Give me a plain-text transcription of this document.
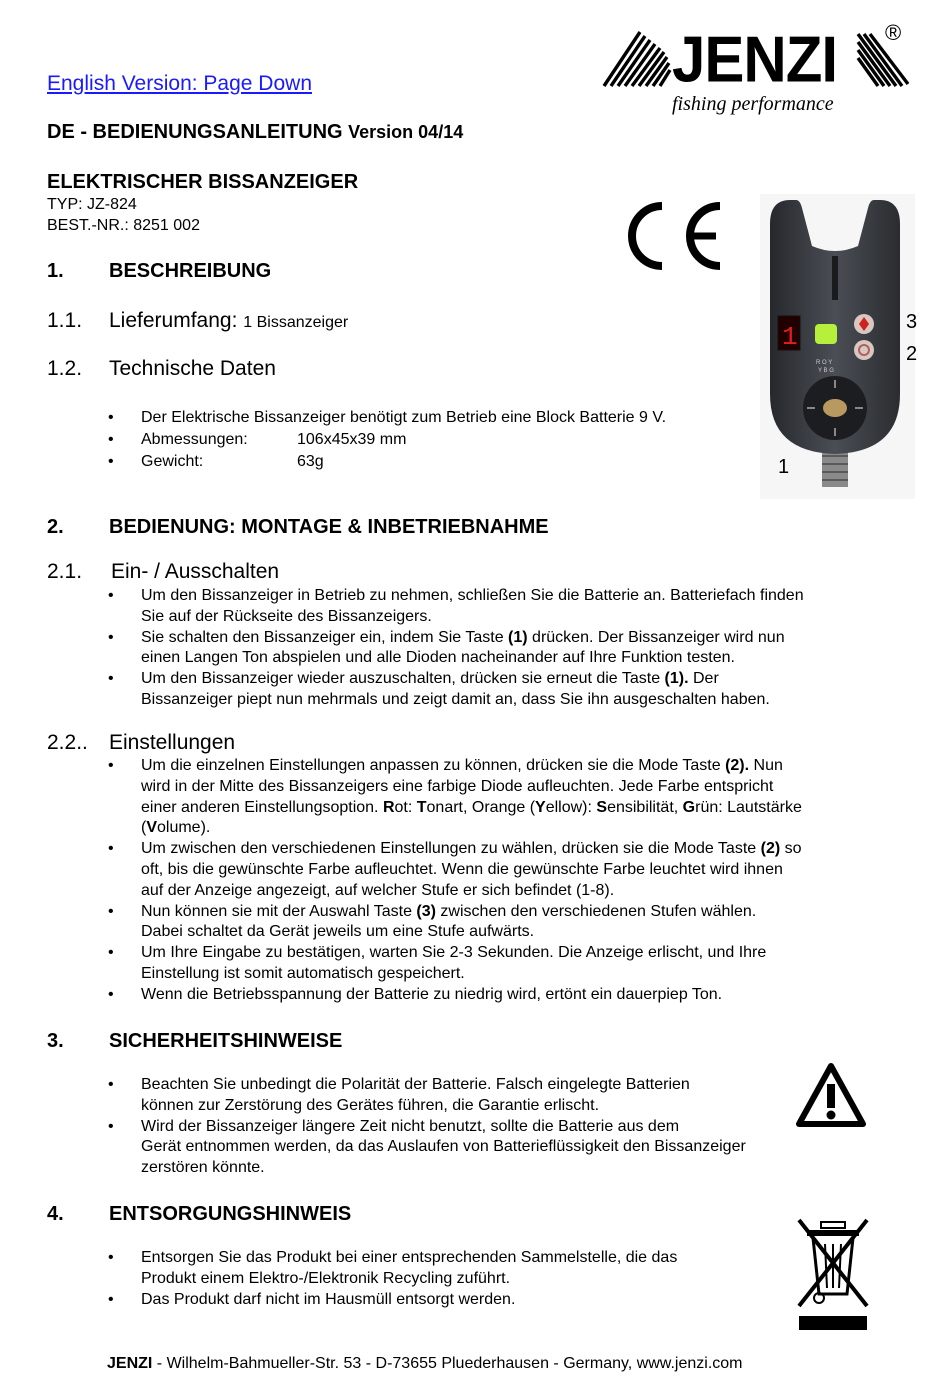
English Version: Page Down
DE - BEDIENUNGSANLEITUNG Version 04/14
ELEKTRISCHER BISSANZEIGER
TYP: JZ-824
BEST.-NR.: 8251 002
JENZI ®
fishing performance
1
R O Y
Y B G
3
2
1
1. BESCHREIBUNG
1.1. Lieferumfang: 1 Bissanzeiger
1.2. Technische Daten
• Der Elektrische Bissanzeiger benötigt zum Betrieb eine Block Batterie 9 V.
• Abmessungen:	106x45x39 mm
• Gewicht:	63g
2. BEDIENUNG: MONTAGE & INBETRIEBNAHME
2.1. Ein- / Ausschalten
• Um den Bissanzeiger in Betrieb zu nehmen, schließen Sie die Batterie an. Batteriefach finden
Sie auf der Rückseite des Bissanzeigers.
• Sie schalten den Bissanzeiger ein, indem Sie Taste (1) drücken. Der Bissanzeiger wird nun
einen Langen Ton abspielen und alle Dioden nacheinander auf Ihre Funktion testen.
• Um den Bissanzeiger wieder auszuschalten, drücken sie erneut die Taste (1). Der
Bissanzeiger piept nun mehrmals und zeigt damit an, dass Sie ihn ausgeschalten haben.
2.2.. Einstellungen
• Um die einzelnen Einstellungen anpassen zu können, drücken sie die Mode Taste (2). Nun
wird in der Mitte des Bissanzeigers eine farbige Diode aufleuchten. Jede Farbe entspricht
einer anderen Einstellungsoption. Rot: Tonart, Orange (Yellow): Sensibilität, Grün: Lautstärke
(Volume).
• Um zwischen den verschiedenen Einstellungen zu wählen, drücken sie die Mode Taste (2) so
oft, bis die gewünschte Farbe aufleuchtet. Wenn die gewünschte Farbe leuchtet wird ihnen
auf der Anzeige angezeigt, auf welcher Stufe er sich befindet (1-8).
• Nun können sie mit der Auswahl Taste (3) zwischen den verschiedenen Stufen wählen.
Dabei schaltet da Gerät jeweils um eine Stufe aufwärts.
• Um Ihre Eingabe zu bestätigen, warten Sie 2-3 Sekunden. Die Anzeige erlischt, und Ihre
Einstellung ist somit automatisch gespeichert.
• Wenn die Betriebsspannung der Batterie zu niedrig wird, ertönt ein dauerpiep Ton.
3. SICHERHEITSHINWEISE
• Beachten Sie unbedingt die Polarität der Batterie. Falsch eingelegte Batterien
können zur Zerstörung des Gerätes führen, die Garantie erlischt.
• Wird der Bissanzeiger längere Zeit nicht benutzt, sollte die Batterie aus dem
Gerät entnommen werden, da das Auslaufen von Batterieflüssigkeit den Bissanzeiger
zerstören könnte.
4. ENTSORGUNGSHINWEIS
• Entsorgen Sie das Produkt bei einer entsprechenden Sammelstelle, die das
Produkt einem Elektro-/Elektronik Recycling zuführt.
• Das Produkt darf nicht im Hausmüll entsorgt werden.
JENZI - Wilhelm-Bahmueller-Str. 53 - D-73655 Pluederhausen - Germany, www.jenzi.com
